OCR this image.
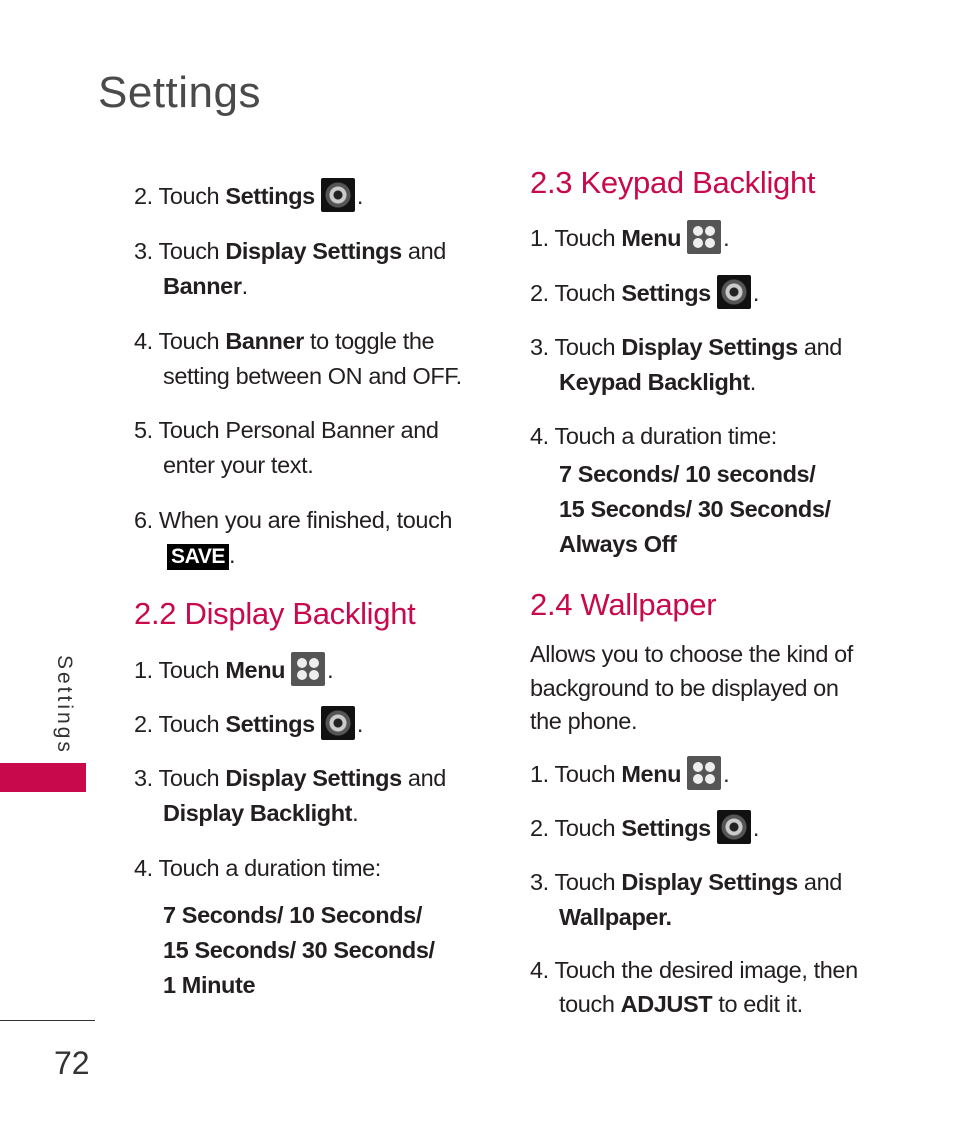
Settings
Settings
72
2. Touch Settings .
3. Touch Display Settings and
Banner.
4. Touch Banner to toggle the
setting between ON and OFF.
5. Touch Personal Banner and
enter your text.
6. When you are finished, touch
SAVE .
2.2 Display Backlight
1. Touch Menu .
2. Touch Settings .
3. Touch Display Settings and
Display Backlight.
4. Touch a duration time:
7 Seconds/ 10 Seconds/
15 Seconds/ 30 Seconds/
1 Minute
2.3 Keypad Backlight
1. Touch Menu .
2. Touch Settings .
3. Touch Display Settings and
Keypad Backlight.
4. Touch a duration time:
7 Seconds/ 10 seconds/
15 Seconds/ 30 Seconds/
Always Off
2.4 Wallpaper
Allows you to choose the kind of
background to be displayed on
the phone.
1. Touch Menu .
2. Touch Settings .
3. Touch Display Settings and
Wallpaper.
4. Touch the desired image, then
touch ADJUST to edit it.
